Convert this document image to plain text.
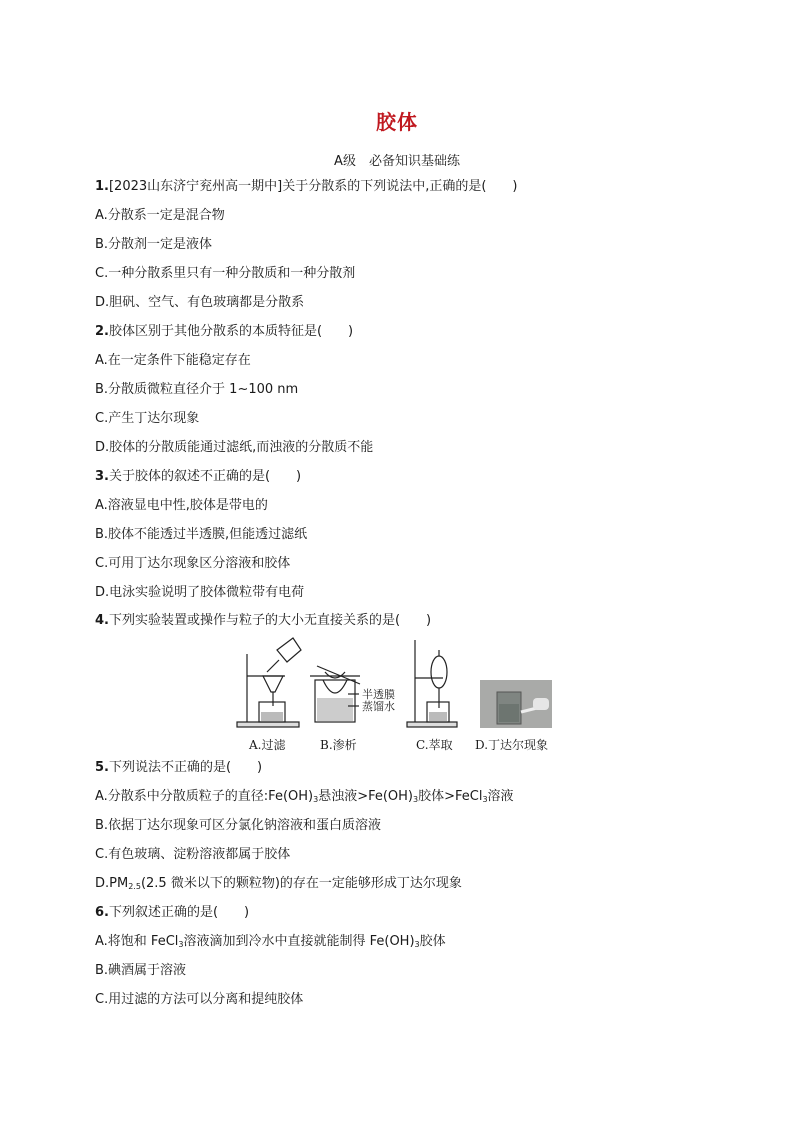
胶体
A级　必备知识基础练
1.[2023山东济宁兖州高一期中]关于分散系的下列说法中,正确的是(　　)
A.分散系一定是混合物
B.分散剂一定是液体
C.一种分散系里只有一种分散质和一种分散剂
D.胆矾、空气、有色玻璃都是分散系
2.胶体区别于其他分散系的本质特征是(　　)
A.在一定条件下能稳定存在
B.分散质微粒直径介于 1~100 nm
C.产生丁达尔现象
D.胶体的分散质能通过滤纸,而浊液的分散质不能
3.关于胶体的叙述不正确的是(　　)
A.溶液显电中性,胶体是带电的
B.胶体不能透过半透膜,但能透过滤纸
C.可用丁达尔现象区分溶液和胶体
D.电泳实验说明了胶体微粒带有电荷
4.下列实验装置或操作与粒子的大小无直接关系的是(　　)
半透膜
蒸馏水
A.过滤	B.渗析	C.萃取 D.丁达尔现象
5.下列说法不正确的是(　　)
A.分散系中分散质粒子的直径$:Fe(OH)_3$悬浊液$>Fe(OH)_3$胶体>FeCl$_3$溶液
B.依据丁达尔现象可区分氯化钠溶液和蛋白质溶液
C.有色玻璃、淀粉溶液都属于胶体
$D.PM_{2.5}(2.5$ 微米以下的颗粒物)的存在一定能够形成丁达尔现象
6.下列叙述正确的是(　　)
A.将饱和 FeCl$_3$溶液滴加到冷水中直接就能制得 $Fe(OH)_3$胶体
B.碘酒属于溶液
C.用过滤的方法可以分离和提纯胶体
